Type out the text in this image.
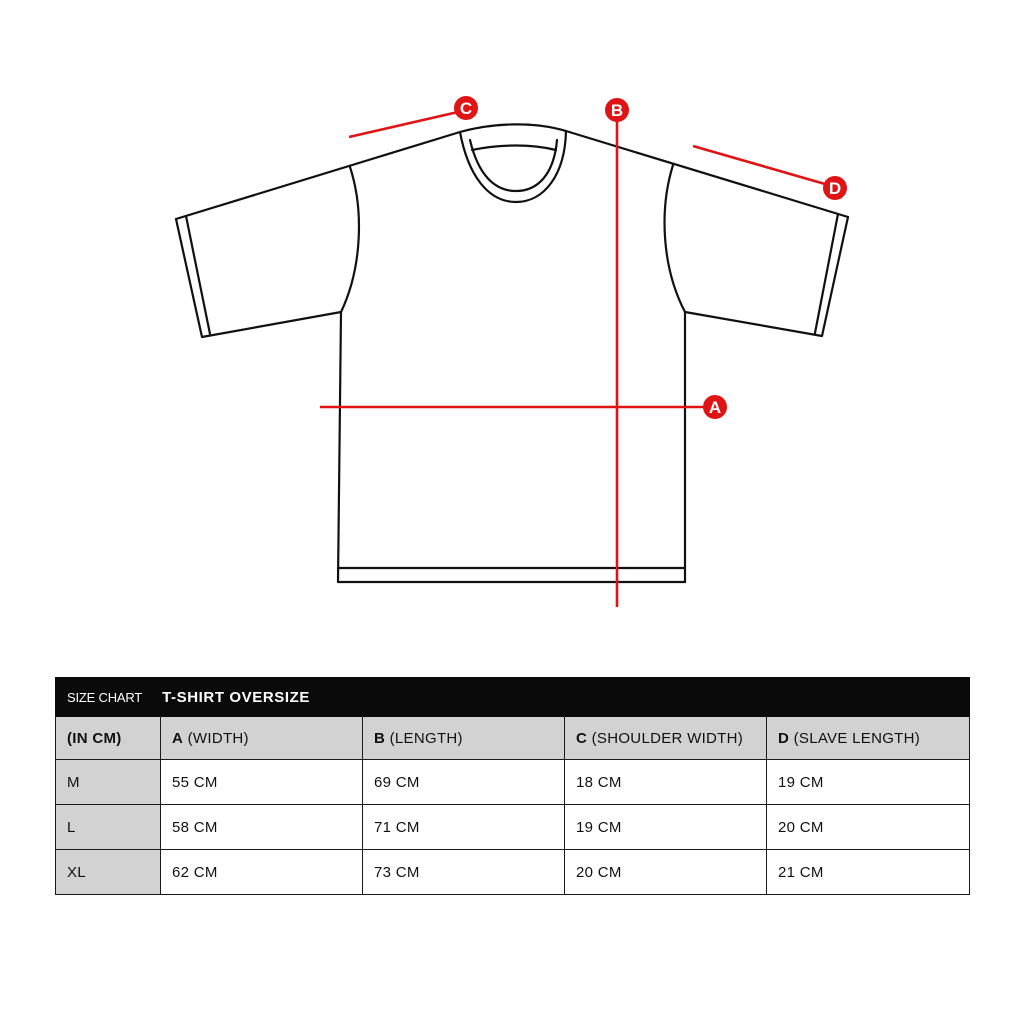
A
B
C
D
SIZE CHART T-SHIRT OVERSIZE				
(IN CM)	A (WIDTH)	B (LENGTH)	C (SHOULDER WIDTH)	D (SLAVE LENGTH)
M	55 CM	69 CM	18 CM	19 CM
L	58 CM	71 CM	19 CM	20 CM
XL	62 CM	73 CM	20 CM	21 CM
